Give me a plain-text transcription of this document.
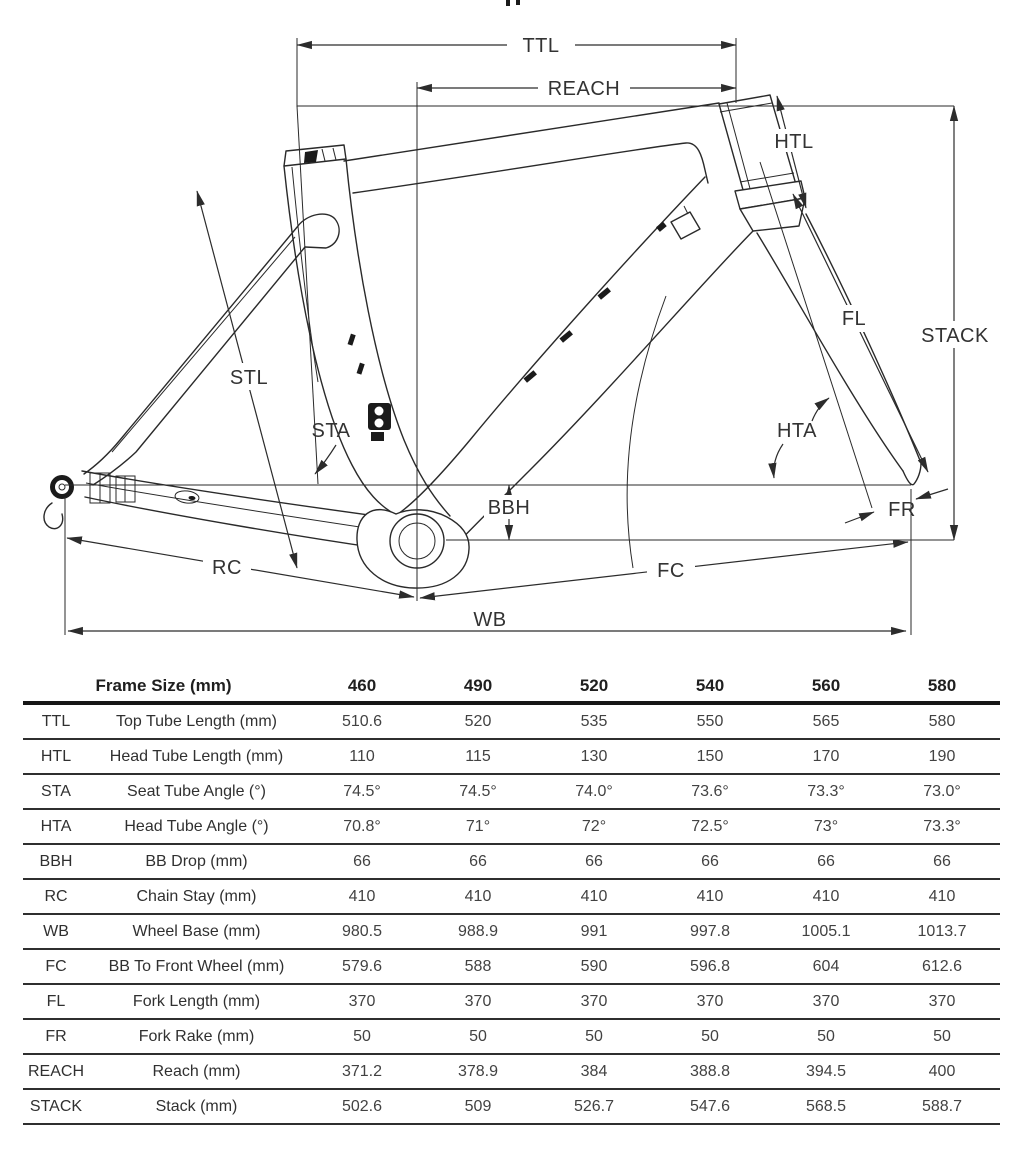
TTL
REACH
HTL
STACK
FL
STL
STA	HTA
BBH	FR
RC	FC
WB
Frame Size (mm)		460	490	520	540	560	580
TTL	Top Tube Length (mm)	510.6	520	535	550	565	580
HTL	Head Tube Length (mm)	110	115	130	150	170	190
STA	Seat Tube Angle (°)	74.5°	74.5°	74.0°	73.6°	73.3°	73.0°
HTA	Head Tube Angle (°)	70.8°	71°	72°	72.5°	73°	73.3°
BBH	BB Drop (mm)	66	66	66	66	66	66
RC	Chain Stay (mm)	410	410	410	410	410	410
WB	Wheel Base (mm)	980.5	988.9	991	997.8	1005.1	1013.7
FC	BB To Front Wheel (mm)	579.6	588	590	596.8	604	612.6
FL	Fork Length (mm)	370	370	370	370	370	370
FR	Fork Rake (mm)	50	50	50	50	50	50
REACH	Reach (mm)	371.2	378.9	384	388.8	394.5	400
STACK	Stack (mm)	502.6	509	526.7	547.6	568.5	588.7
